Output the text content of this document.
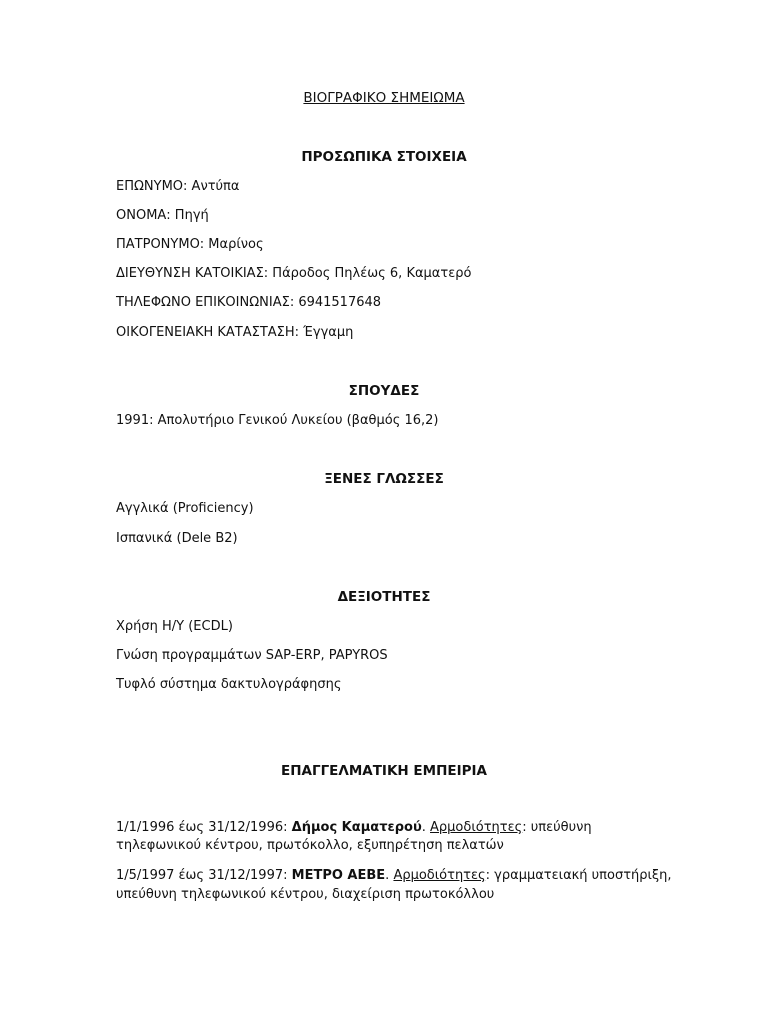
ΒΙΟΓΡΑΦΙΚΟ ΣΗΜΕΙΩΜΑ
ΠΡΟΣΩΠΙΚΑ ΣΤΟΙΧΕΙΑ
ΕΠΩΝΥΜΟ: Αντύπα
ΟΝΟΜΑ: Πηγή
ΠΑΤΡΟΝΥΜΟ: Μαρίνος
ΔΙΕΥΘΥΝΣΗ ΚΑΤΟΙΚΙΑΣ: Πάροδος Πηλέως 6, Καματερό
ΤΗΛΕΦΩΝΟ ΕΠΙΚΟΙΝΩΝΙΑΣ: 6941517648
ΟΙΚΟΓΕΝΕΙΑΚΗ ΚΑΤΑΣΤΑΣΗ: Έγγαμη
ΣΠΟΥΔΕΣ
1991: Απολυτήριο Γενικού Λυκείου (βαθμός 16,2)
ΞΕΝΕΣ ΓΛΩΣΣΕΣ
Αγγλικά (Proficiency)
Ισπανικά (Dele B2)
ΔΕΞΙΟΤΗΤΕΣ
Χρήση Η/Υ (ECDL)
Γνώση προγραμμάτων SAP-ERP, PAPYROS
Τυφλό σύστημα δακτυλογράφησης
ΕΠΑΓΓΕΛΜΑΤΙΚΗ ΕΜΠΕΙΡΙΑ
1/1/1996 έως 31/12/1996: Δήμος Καματερού. Αρμοδιότητες: υπεύθυνη
τηλεφωνικού κέντρου, πρωτόκολλο, εξυπηρέτηση πελατών
1/5/1997 έως 31/12/1997: ΜΕΤΡΟ ΑΕΒΕ. Αρμοδιότητες: γραμματειακή υποστήριξη,
υπεύθυνη τηλεφωνικού κέντρου, διαχείριση πρωτοκόλλου
